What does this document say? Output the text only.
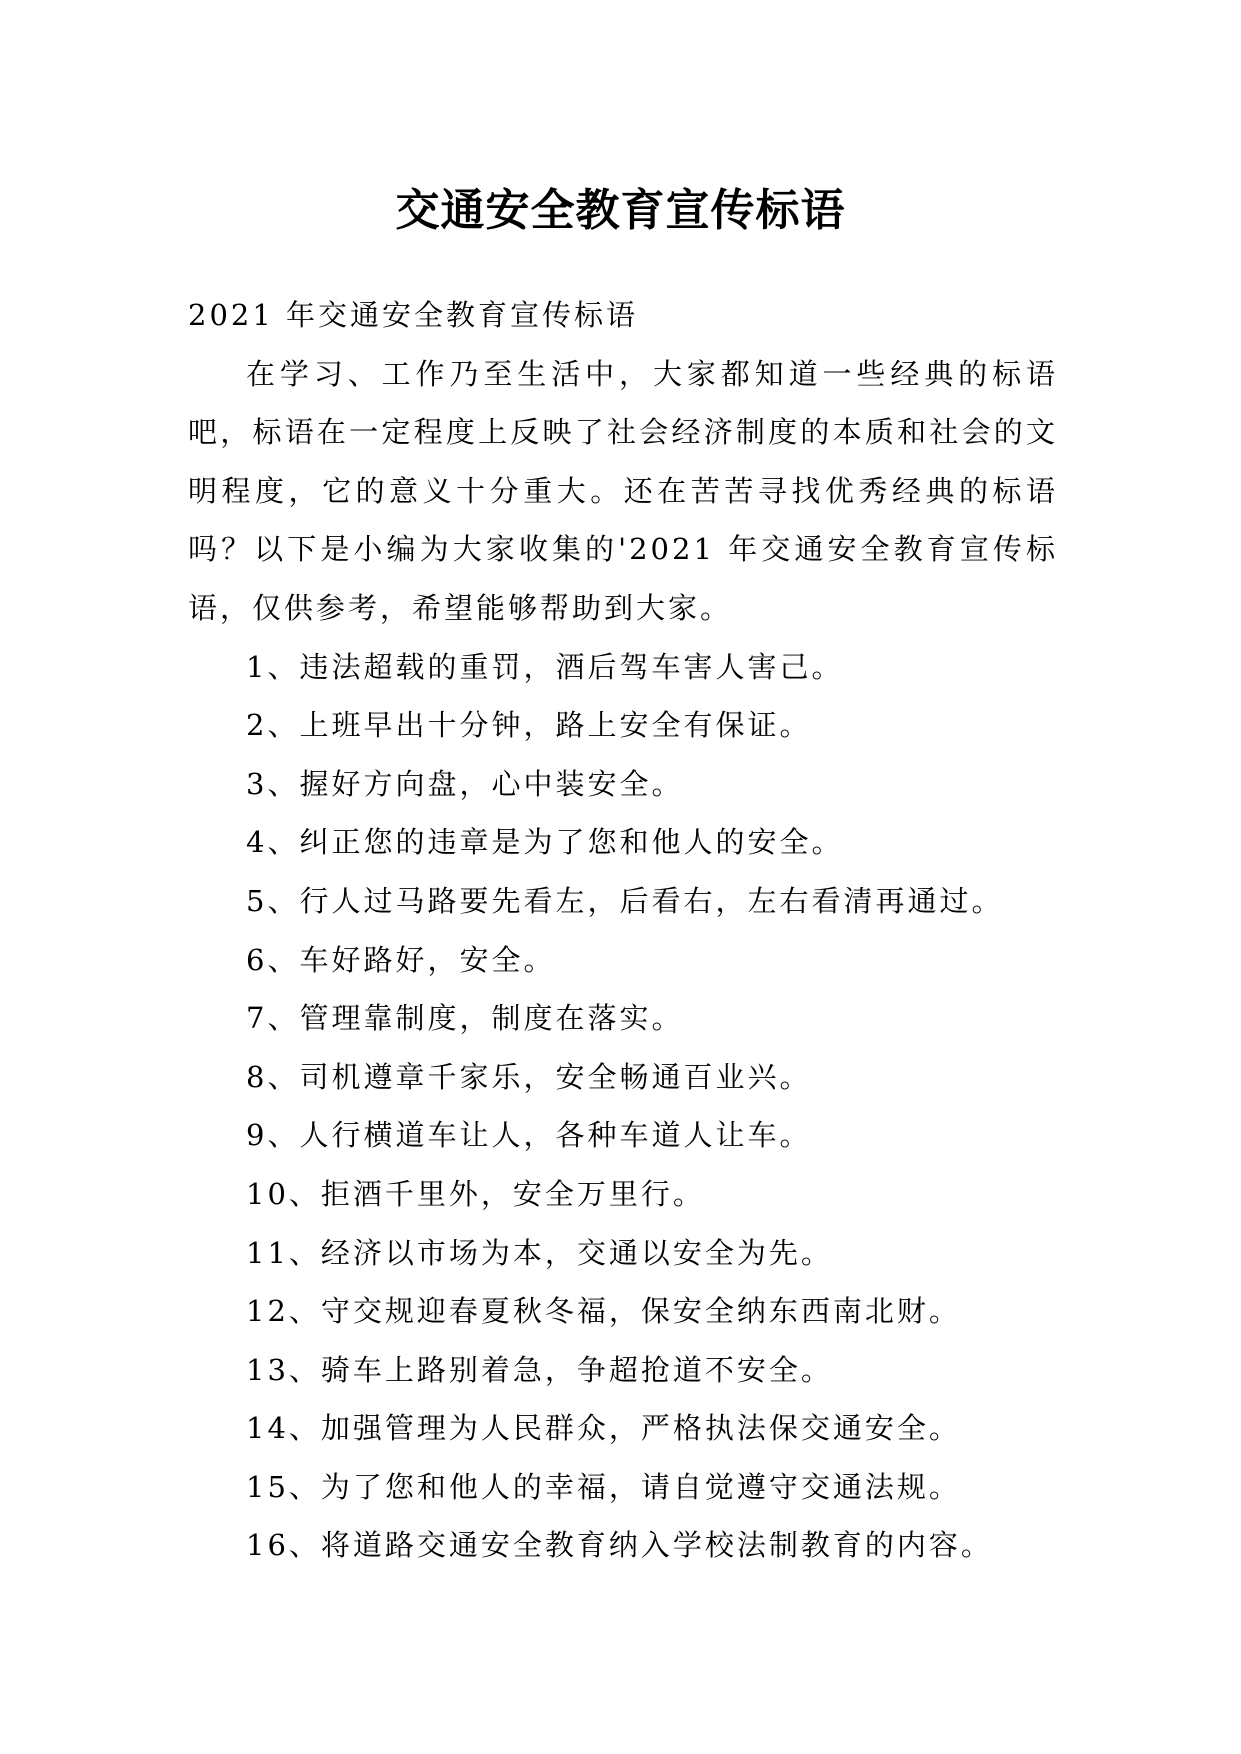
交通安全教育宣传标语

2021 年交通安全教育宣传标语

在学习、工作乃至生活中，大家都知道一些经典的标语吧，标语在一定程度上反映了社会经济制度的本质和社会的文明程度，它的意义十分重大。还在苦苦寻找优秀经典的标语吗？以下是小编为大家收集的'2021 年交通安全教育宣传标语，仅供参考，希望能够帮助到大家。

1、违法超载的重罚，酒后驾车害人害己。
2、上班早出十分钟，路上安全有保证。
3、握好方向盘，心中装安全。
4、纠正您的违章是为了您和他人的安全。
5、行人过马路要先看左，后看右，左右看清再通过。
6、车好路好，安全。
7、管理靠制度，制度在落实。
8、司机遵章千家乐，安全畅通百业兴。
9、人行横道车让人，各种车道人让车。
10、拒酒千里外，安全万里行。
11、经济以市场为本，交通以安全为先。
12、守交规迎春夏秋冬福，保安全纳东西南北财。
13、骑车上路别着急，争超抢道不安全。
14、加强管理为人民群众，严格执法保交通安全。
15、为了您和他人的幸福，请自觉遵守交通法规。
16、将道路交通安全教育纳入学校法制教育的内容。
